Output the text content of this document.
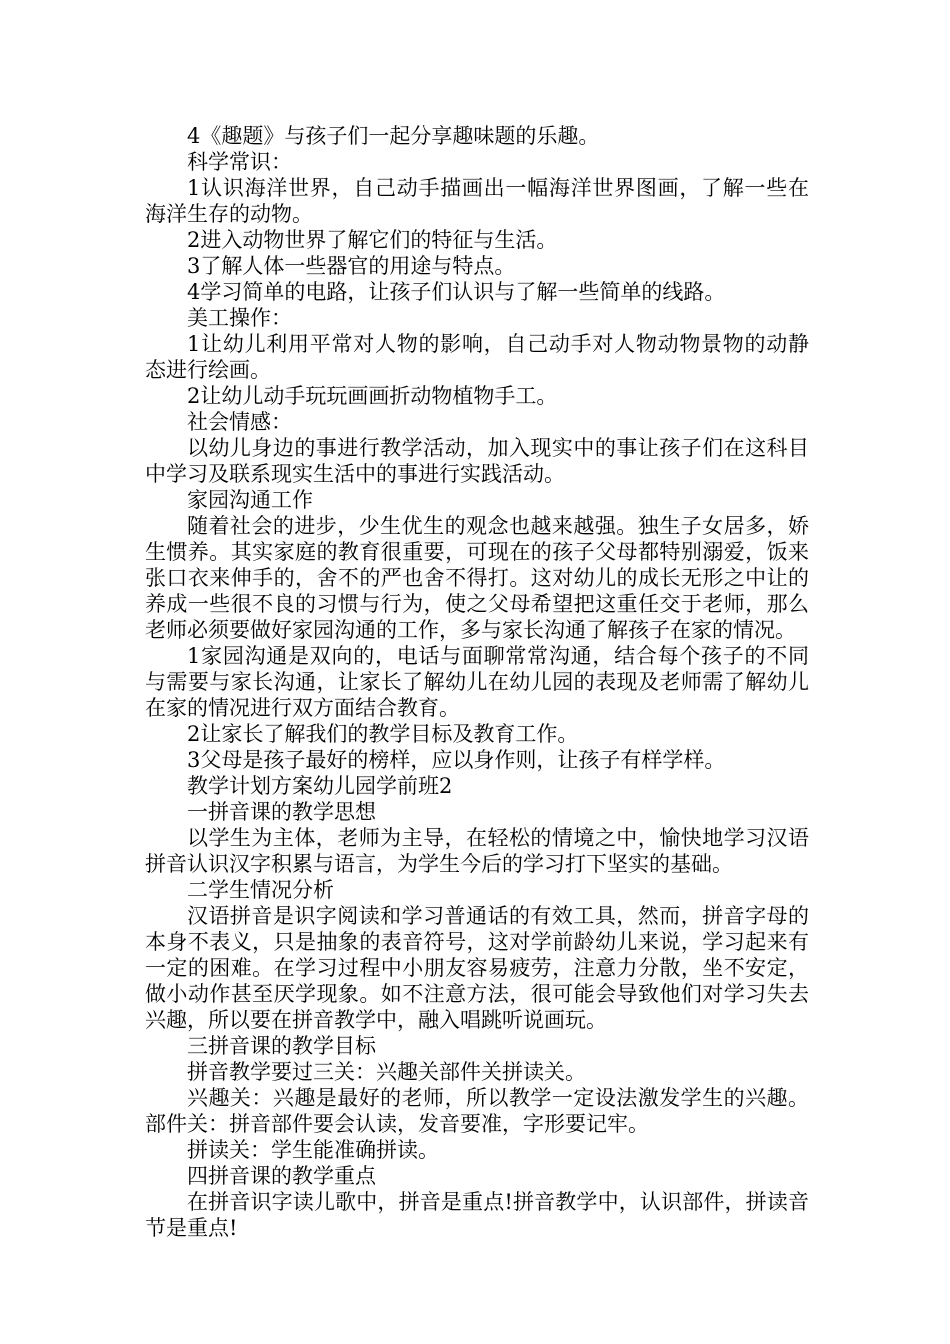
4《趣题》与孩子们一起分享趣味题的乐趣。

科学常识：

1认识海洋世界，自己动手描画出一幅海洋世界图画，了解一些在海洋生存的动物。

2进入动物世界了解它们的特征与生活。

3了解人体一些器官的用途与特点。

4学习简单的电路，让孩子们认识与了解一些简单的线路。

美工操作：

1让幼儿利用平常对人物的影响，自己动手对人物动物景物的动静态进行绘画。

2让幼儿动手玩玩画画折动物植物手工。

社会情感：

以幼儿身边的事进行教学活动，加入现实中的事让孩子们在这科目中学习及联系现实生活中的事进行实践活动。

家园沟通工作

随着社会的进步，少生优生的观念也越来越强。独生子女居多，娇生惯养。其实家庭的教育很重要，可现在的孩子父母都特别溺爱，饭来张口衣来伸手的，舍不的严也舍不得打。这对幼儿的成长无形之中让的养成一些很不良的习惯与行为，使之父母希望把这重任交于老师，那么老师必须要做好家园沟通的工作，多与家长沟通了解孩子在家的情况。

1家园沟通是双向的，电话与面聊常常沟通，结合每个孩子的不同与需要与家长沟通，让家长了解幼儿在幼儿园的表现及老师需了解幼儿在家的情况进行双方面结合教育。

2让家长了解我们的教学目标及教育工作。

3父母是孩子最好的榜样，应以身作则，让孩子有样学样。

教学计划方案幼儿园学前班2

一拼音课的教学思想

以学生为主体，老师为主导，在轻松的情境之中，愉快地学习汉语拼音认识汉字积累与语言，为学生今后的学习打下坚实的基础。

二学生情况分析

汉语拼音是识字阅读和学习普通话的有效工具，然而，拼音字母的本身不表义，只是抽象的表音符号，这对学前龄幼儿来说，学习起来有一定的困难。在学习过程中小朋友容易疲劳，注意力分散，坐不安定，做小动作甚至厌学现象。如不注意方法，很可能会导致他们对学习失去兴趣，所以要在拼音教学中，融入唱跳听说画玩。

三拼音课的教学目标

拼音教学要过三关：兴趣关部件关拼读关。

兴趣关：兴趣是最好的老师，所以教学一定设法激发学生的兴趣。部件关：拼音部件要会认读，发音要准，字形要记牢。

拼读关：学生能准确拼读。

四拼音课的教学重点

在拼音识字读儿歌中，拼音是重点!拼音教学中，认识部件，拼读音节是重点!
